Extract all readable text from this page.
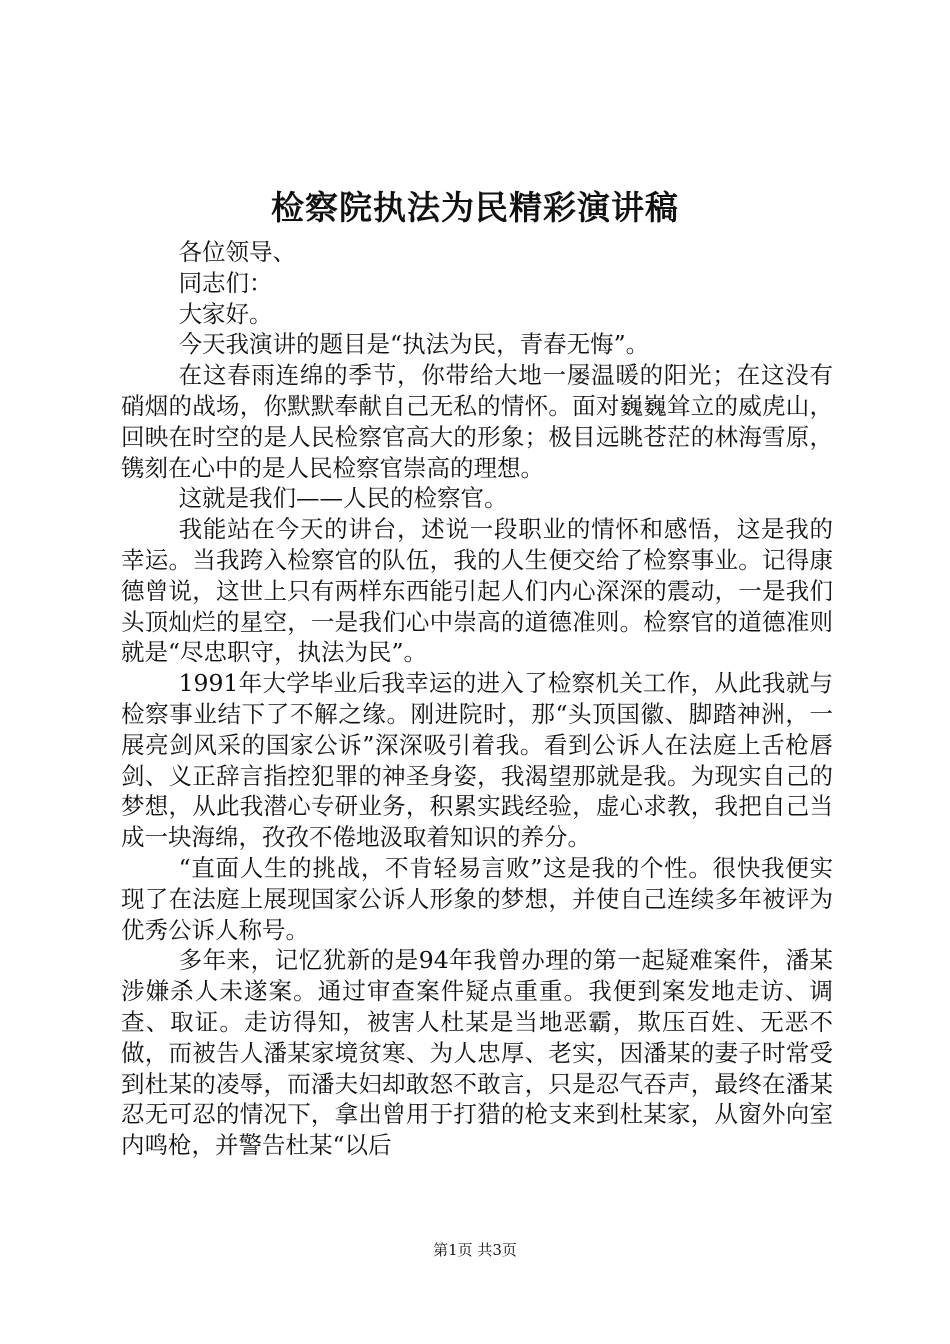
检察院执法为民精彩演讲稿

各位领导、

同志们：

大家好。

今天我演讲的题目是“执法为民，青春无悔”。

在这春雨连绵的季节，你带给大地一屡温暖的阳光；在这没有硝烟的战场，你默默奉献自己无私的情怀。面对巍巍耸立的威虎山，回映在时空的是人民检察官高大的形象；极目远眺苍茫的林海雪原，镌刻在心中的是人民检察官崇高的理想。

这就是我们——人民的检察官。

我能站在今天的讲台，述说一段职业的情怀和感悟，这是我的幸运。当我跨入检察官的队伍，我的人生便交给了检察事业。记得康德曾说，这世上只有两样东西能引起人们内心深深的震动，一是我们头顶灿烂的星空，一是我们心中崇高的道德准则。检察官的道德准则就是“尽忠职守，执法为民”。

1991年大学毕业后我幸运的进入了检察机关工作，从此我就与检察事业结下了不解之缘。刚进院时，那“头顶国徽、脚踏神洲，一展亮剑风采的国家公诉”深深吸引着我。看到公诉人在法庭上舌枪唇剑、义正辞言指控犯罪的神圣身姿，我渴望那就是我。为现实自己的梦想，从此我潜心专研业务，积累实践经验，虚心求教，我把自己当成一块海绵，孜孜不倦地汲取着知识的养分。

“直面人生的挑战，不肯轻易言败”这是我的个性。很快我便实现了在法庭上展现国家公诉人形象的梦想，并使自己连续多年被评为优秀公诉人称号。

多年来，记忆犹新的是94年我曾办理的第一起疑难案件，潘某涉嫌杀人未遂案。通过审查案件疑点重重。我便到案发地走访、调查、取证。走访得知，被害人杜某是当地恶霸，欺压百姓、无恶不做，而被告人潘某家境贫寒、为人忠厚、老实，因潘某的妻子时常受到杜某的凌辱，而潘夫妇却敢怒不敢言，只是忍气吞声，最终在潘某忍无可忍的情况下，拿出曾用于打猎的枪支来到杜某家，从窗外向室内鸣枪，并警告杜某“以后

第1页 共3页
